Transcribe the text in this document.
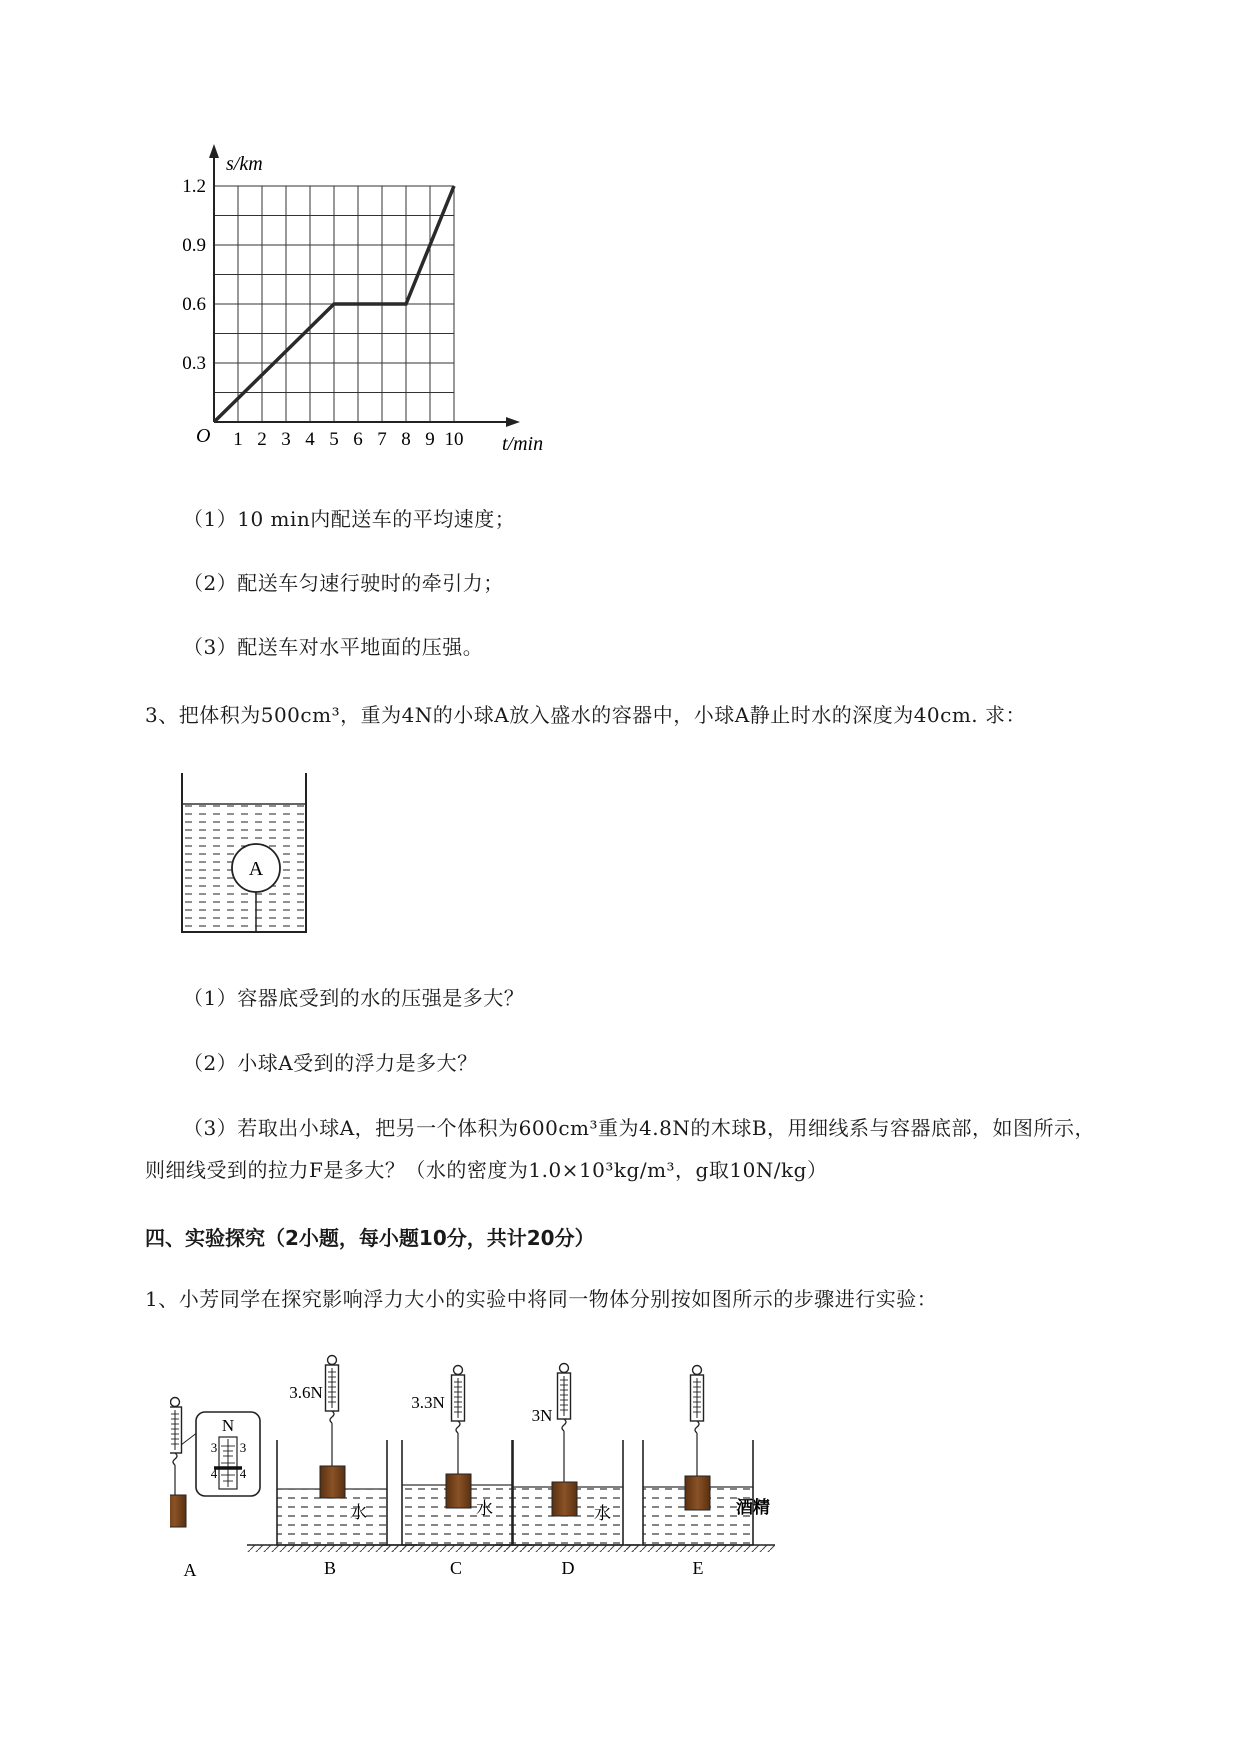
s/km
t/min
O
0.3
0.6
0.9
1.2
1 2 3 4 5 6 7 8 9 10
（1）10 min内配送车的平均速度；
（2）配送车匀速行驶时的牵引力；
（3）配送车对水平地面的压强。
3、把体积为500cm³，重为4N的小球A放入盛水的容器中，小球A静止时水的深度为40cm. 求：
A
（1）容器底受到的水的压强是多大？
（2）小球A受到的浮力是多大？
（3）若取出小球A，把另一个体积为600cm³重为4.8N的木球B，用细线系与容器底部，如图所示，
则细线受到的拉力F是多大？（水的密度为1.0×10³kg/m³，g取10N/kg）
四、实验探究（2小题，每小题10分，共计20分）
1、小芳同学在探究影响浮力大小的实验中将同一物体分别按如图所示的步骤进行实验：
N
3
4
3
4
A
3.6N
水
B
3.3N
水
C
3N
水
D
酒精
E
